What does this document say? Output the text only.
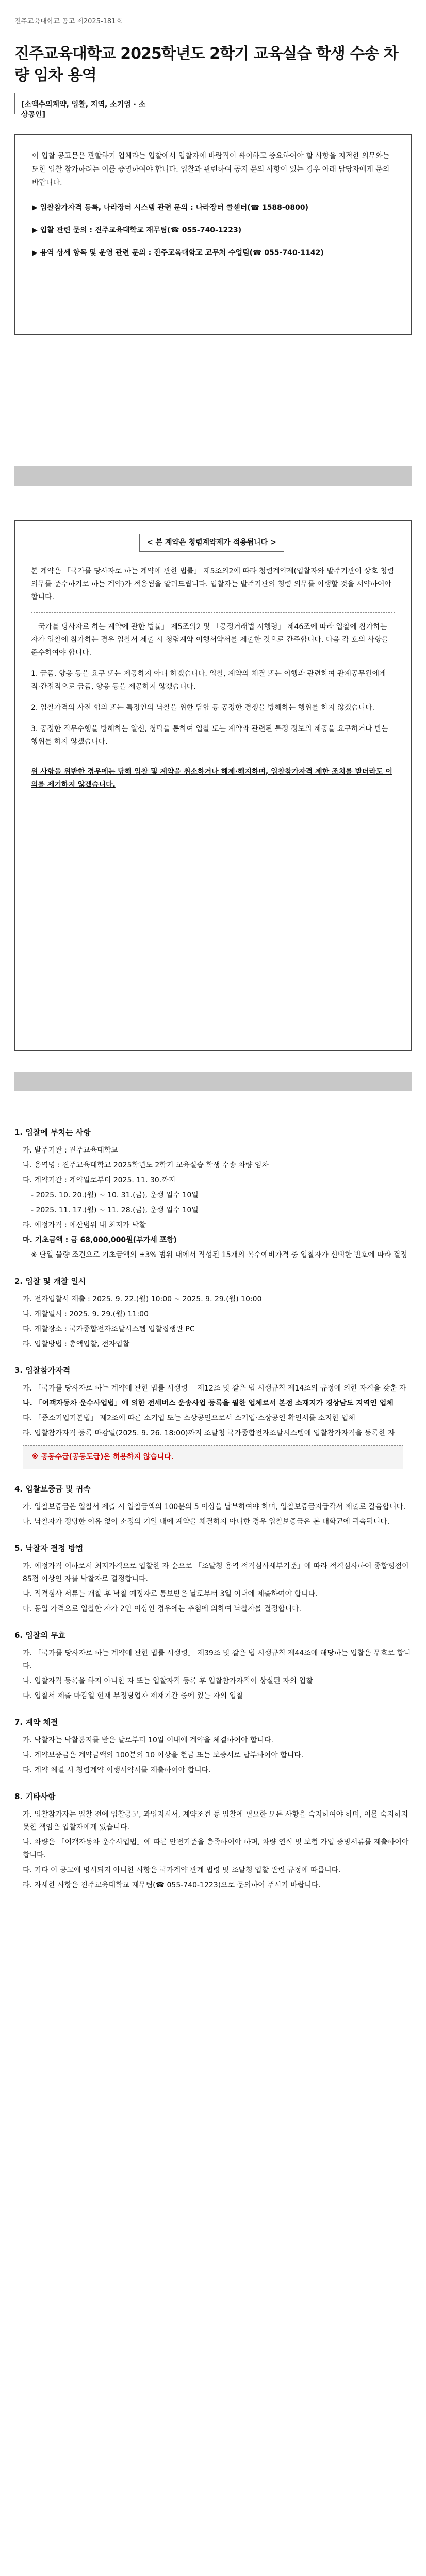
진주교육대학교 공고 제2025-181호
진주교육대학교 2025학년도 2학기 교육실습 학생 수송 차량 임차 용역
[소액수의계약, 입찰, 지역, 소기업 · 소상공인]

이 입찰 공고문은 관할하기 업체라는 입찰에서 입찰자에 바람직이 싸이하고 중요하여야 할 사항을 지적한 의무와는 또한 입찰 참가하려는 이를 증명하여야 합니다. 입찰과 관련하여 공지 문의 사항이 있는 경우 아래 담당자에게 문의 바랍니다.

▶ 입찰참가자격 등록, 나라장터 시스템 관련 문의 : 나라장터 콜센터(☎ 1588-0800)

▶ 입찰 관련 문의 : 진주교육대학교 재무팀(☎ 055-740-1223)

▶ 용역 상세 항목 및 운영 관련 문의 : 진주교육대학교 교무처 수업팀(☎ 055-740-1142)

< 본 계약은 청렴계약제가 적용됩니다 >

본 계약은 「국가를 당사자로 하는 계약에 관한 법률」 제5조의2에 따라 청렴계약제(입찰자와 발주기관이 상호 청렴의무를 준수하기로 하는 계약)가 적용됨을 알려드립니다. 입찰자는 발주기관의 청렴 의무를 이행할 것을 서약하여야 합니다.

「국가를 당사자로 하는 계약에 관한 법률」 제5조의2 및 「공정거래법 시행령」 제46조에 따라 입찰에 참가하는 자가 입찰에 참가하는 경우 입찰서 제출 시 청렴계약 이행서약서를 제출한 것으로 간주합니다. 다음 각 호의 사항을 준수하여야 합니다.

1. 금품, 향응 등을 요구 또는 제공하지 아니 하겠습니다. 입찰, 계약의 체결 또는 이행과 관련하여 관계공무원에게 직·간접적으로 금품, 향응 등을 제공하지 않겠습니다.

2. 입찰가격의 사전 협의 또는 특정인의 낙찰을 위한 담합 등 공정한 경쟁을 방해하는 행위를 하지 않겠습니다.

3. 공정한 직무수행을 방해하는 알선, 청탁을 통하여 입찰 또는 계약과 관련된 특정 정보의 제공을 요구하거나 받는 행위를 하지 않겠습니다.

위 사항을 위반한 경우에는 당해 입찰 및 계약을 취소하거나 해제·해지하며, 입찰참가자격 제한 조치를 받더라도 이의를 제기하지 않겠습니다.

1. 입찰에 부치는 사항
가. 발주기관 : 진주교육대학교
나. 용역명 : 진주교육대학교 2025학년도 2학기 교육실습 학생 수송 차량 임차
다. 계약기간 : 계약일로부터 2025. 11. 30.까지
- 2025. 10. 20.(월) ~ 10. 31.(금), 운행 일수 10일
- 2025. 11. 17.(월) ~ 11. 28.(금), 운행 일수 10일
라. 예정가격 : 예산범위 내 최저가 낙찰
마. 기초금액 : 금 68,000,000원(부가세 포함)
※ 단일 물량 조건으로 기초금액의 ±3% 범위 내에서 작성된 15개의 복수예비가격 중 입찰자가 선택한 번호에 따라 결정
2. 입찰 및 개찰 일시
가. 전자입찰서 제출 : 2025. 9. 22.(월) 10:00 ~ 2025. 9. 29.(월) 10:00
나. 개찰일시 : 2025. 9. 29.(월) 11:00
다. 개찰장소 : 국가종합전자조달시스템 입찰집행관 PC
라. 입찰방법 : 총액입찰, 전자입찰
3. 입찰참가자격
가. 「국가를 당사자로 하는 계약에 관한 법률 시행령」 제12조 및 같은 법 시행규칙 제14조의 규정에 의한 자격을 갖춘 자
나. 「여객자동차 운수사업법」에 의한 전세버스 운송사업 등록을 필한 업체로서 본점 소재지가 경상남도 지역인 업체
다. 「중소기업기본법」 제2조에 따른 소기업 또는 소상공인으로서 소기업·소상공인 확인서를 소지한 업체
라. 입찰참가자격 등록 마감일(2025. 9. 26. 18:00)까지 조달청 국가종합전자조달시스템에 입찰참가자격을 등록한 자
※ 공동수급(공동도급)은 허용하지 않습니다.
4. 입찰보증금 및 귀속
가. 입찰보증금은 입찰서 제출 시 입찰금액의 100분의 5 이상을 납부하여야 하며, 입찰보증금지급각서 제출로 갈음합니다.
나. 낙찰자가 정당한 이유 없이 소정의 기일 내에 계약을 체결하지 아니한 경우 입찰보증금은 본 대학교에 귀속됩니다.
5. 낙찰자 결정 방법
가. 예정가격 이하로서 최저가격으로 입찰한 자 순으로 「조달청 용역 적격심사세부기준」에 따라 적격심사하여 종합평점이 85점 이상인 자를 낙찰자로 결정합니다.
나. 적격심사 서류는 개찰 후 낙찰 예정자로 통보받은 날로부터 3일 이내에 제출하여야 합니다.
다. 동일 가격으로 입찰한 자가 2인 이상인 경우에는 추첨에 의하여 낙찰자를 결정합니다.
6. 입찰의 무효
가. 「국가를 당사자로 하는 계약에 관한 법률 시행령」 제39조 및 같은 법 시행규칙 제44조에 해당하는 입찰은 무효로 합니다.
나. 입찰자격 등록을 하지 아니한 자 또는 입찰자격 등록 후 입찰참가자격이 상실된 자의 입찰
다. 입찰서 제출 마감일 현재 부정당업자 제재기간 중에 있는 자의 입찰
7. 계약 체결
가. 낙찰자는 낙찰통지를 받은 날로부터 10일 이내에 계약을 체결하여야 합니다.
나. 계약보증금은 계약금액의 100분의 10 이상을 현금 또는 보증서로 납부하여야 합니다.
다. 계약 체결 시 청렴계약 이행서약서를 제출하여야 합니다.
8. 기타사항
가. 입찰참가자는 입찰 전에 입찰공고, 과업지시서, 계약조건 등 입찰에 필요한 모든 사항을 숙지하여야 하며, 이를 숙지하지 못한 책임은 입찰자에게 있습니다.
나. 차량은 「여객자동차 운수사업법」에 따른 안전기준을 충족하여야 하며, 차량 연식 및 보험 가입 증빙서류를 제출하여야 합니다.
다. 기타 이 공고에 명시되지 아니한 사항은 국가계약 관계 법령 및 조달청 입찰 관련 규정에 따릅니다.
라. 자세한 사항은 진주교육대학교 재무팀(☎ 055-740-1223)으로 문의하여 주시기 바랍니다.
